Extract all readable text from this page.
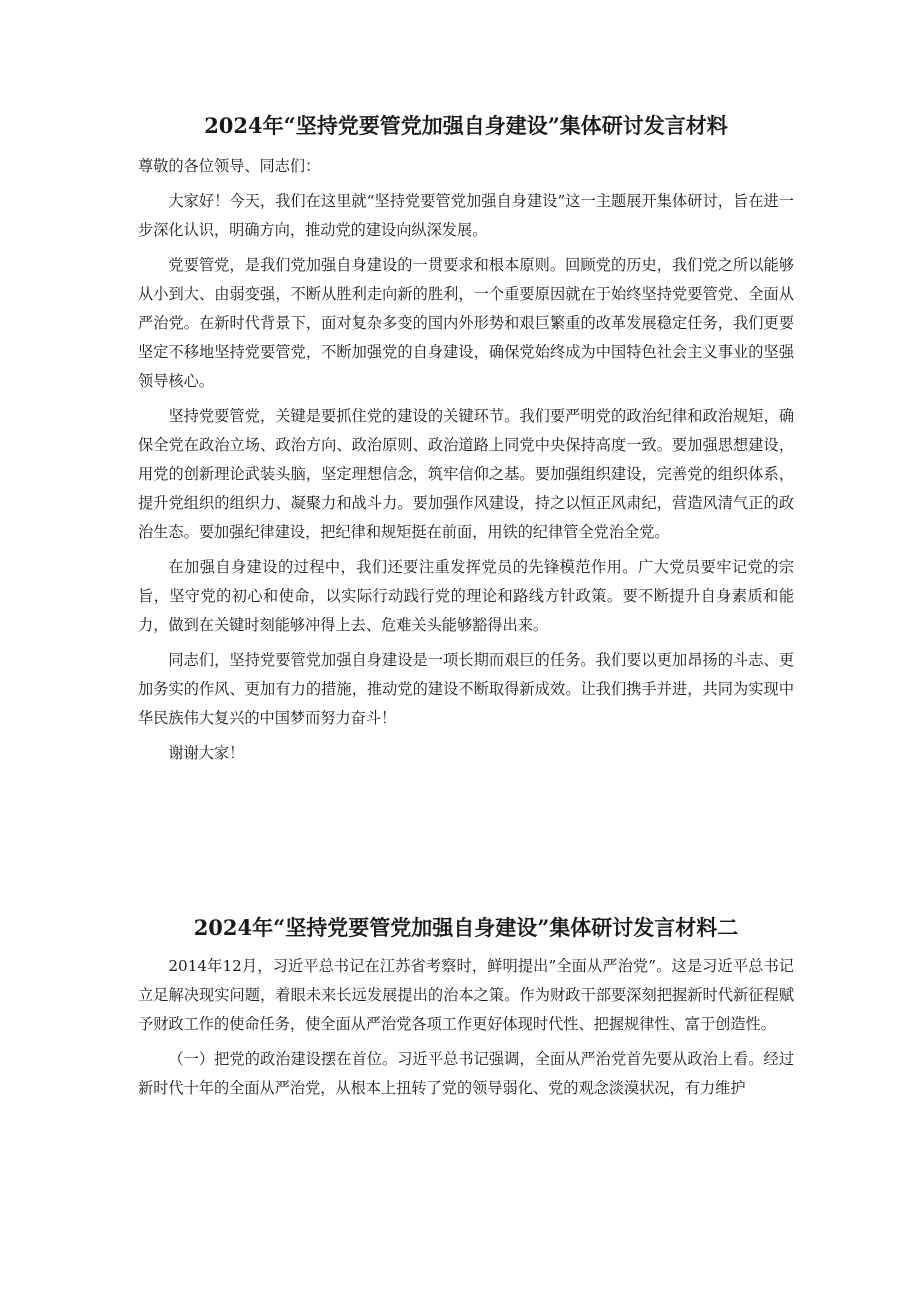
2024年“坚持党要管党加强自身建设”集体研讨发言材料

尊敬的各位领导、同志们：

大家好！今天，我们在这里就“坚持党要管党加强自身建设”这一主题展开集体研讨，旨在进一步深化认识，明确方向，推动党的建设向纵深发展。

党要管党，是我们党加强自身建设的一贯要求和根本原则。回顾党的历史，我们党之所以能够从小到大、由弱变强，不断从胜利走向新的胜利，一个重要原因就在于始终坚持党要管党、全面从严治党。在新时代背景下，面对复杂多变的国内外形势和艰巨繁重的改革发展稳定任务，我们更要坚定不移地坚持党要管党，不断加强党的自身建设，确保党始终成为中国特色社会主义事业的坚强领导核心。

坚持党要管党，关键是要抓住党的建设的关键环节。我们要严明党的政治纪律和政治规矩，确保全党在政治立场、政治方向、政治原则、政治道路上同党中央保持高度一致。要加强思想建设，用党的创新理论武装头脑，坚定理想信念，筑牢信仰之基。要加强组织建设，完善党的组织体系，提升党组织的组织力、凝聚力和战斗力。要加强作风建设，持之以恒正风肃纪，营造风清气正的政治生态。要加强纪律建设，把纪律和规矩挺在前面，用铁的纪律管全党治全党。

在加强自身建设的过程中，我们还要注重发挥党员的先锋模范作用。广大党员要牢记党的宗旨，坚守党的初心和使命，以实际行动践行党的理论和路线方针政策。要不断提升自身素质和能力，做到在关键时刻能够冲得上去、危难关头能够豁得出来。

同志们，坚持党要管党加强自身建设是一项长期而艰巨的任务。我们要以更加昂扬的斗志、更加务实的作风、更加有力的措施，推动党的建设不断取得新成效。让我们携手并进，共同为实现中华民族伟大复兴的中国梦而努力奋斗！

谢谢大家！

2024年“坚持党要管党加强自身建设”集体研讨发言材料二

2014年12月，习近平总书记在江苏省考察时，鲜明提出”全面从严治党”。这是习近平总书记立足解决现实问题，着眼未来长远发展提出的治本之策。作为财政干部要深刻把握新时代新征程赋予财政工作的使命任务，使全面从严治党各项工作更好体现时代性、把握规律性、富于创造性。

（一）把党的政治建设摆在首位。习近平总书记强调，全面从严治党首先要从政治上看。经过新时代十年的全面从严治党，从根本上扭转了党的领导弱化、党的观念淡漠状况，有力维护
